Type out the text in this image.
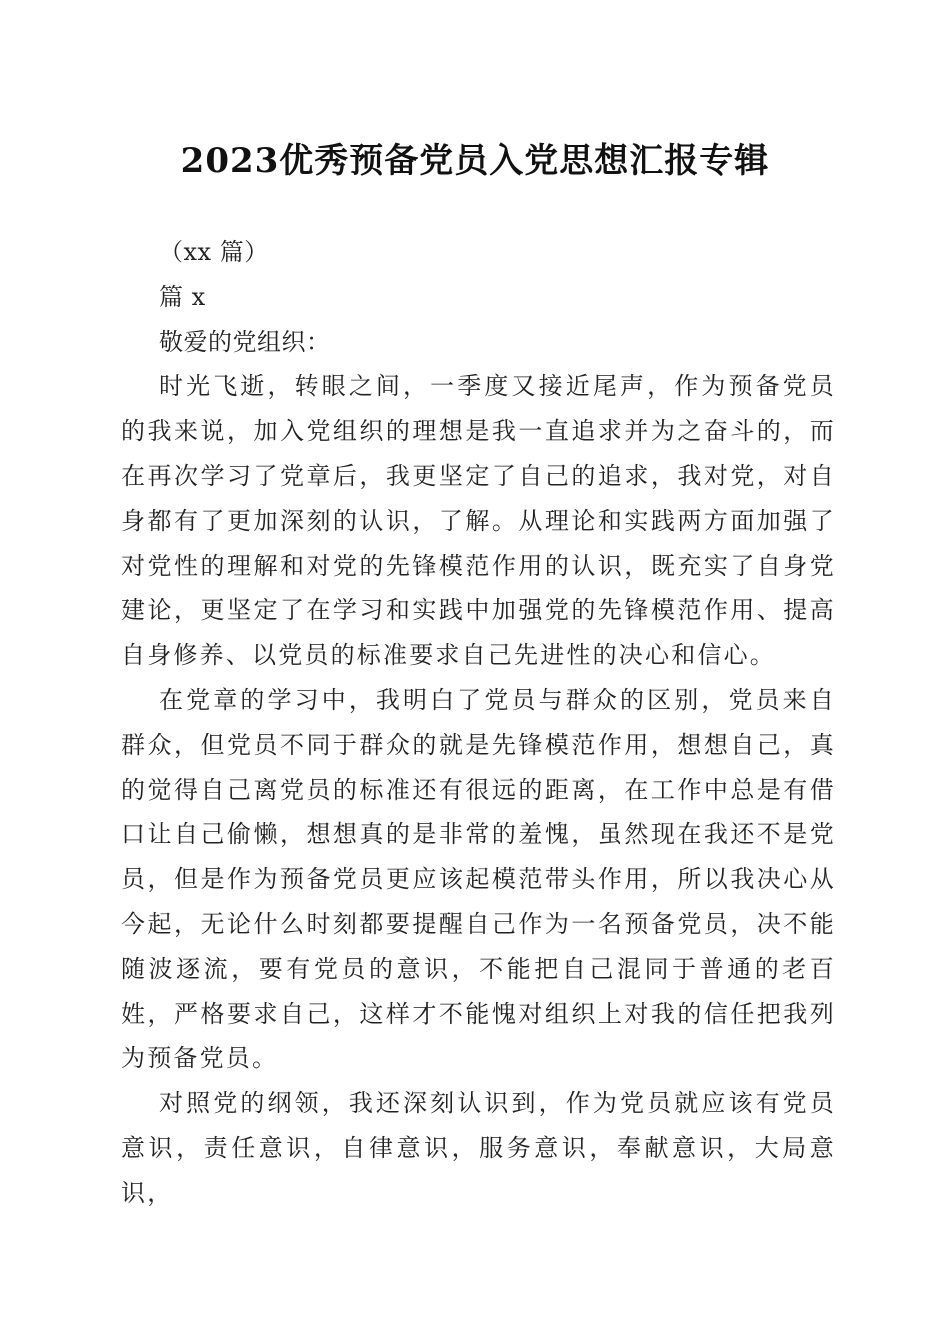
2023优秀预备党员入党思想汇报专辑

（xx 篇）

篇 x

敬爱的党组织：

时光飞逝，转眼之间，一季度又接近尾声，作为预备党员的我来说，加入党组织的理想是我一直追求并为之奋斗的，而在再次学习了党章后，我更坚定了自己的追求，我对党，对自身都有了更加深刻的认识，了解。从理论和实践两方面加强了对党性的理解和对党的先锋模范作用的认识，既充实了自身党建论，更坚定了在学习和实践中加强党的先锋模范作用、提高自身修养、以党员的标准要求自己先进性的决心和信心。

在党章的学习中，我明白了党员与群众的区别，党员来自群众，但党员不同于群众的就是先锋模范作用，想想自己，真的觉得自己离党员的标准还有很远的距离，在工作中总是有借口让自己偷懒，想想真的是非常的羞愧，虽然现在我还不是党员，但是作为预备党员更应该起模范带头作用，所以我决心从今起，无论什么时刻都要提醒自己作为一名预备党员，决不能随波逐流，要有党员的意识，不能把自己混同于普通的老百姓，严格要求自己，这样才不能愧对组织上对我的信任把我列为预备党员。

对照党的纲领，我还深刻认识到，作为党员就应该有党员意识，责任意识，自律意识，服务意识，奉献意识，大局意识，
